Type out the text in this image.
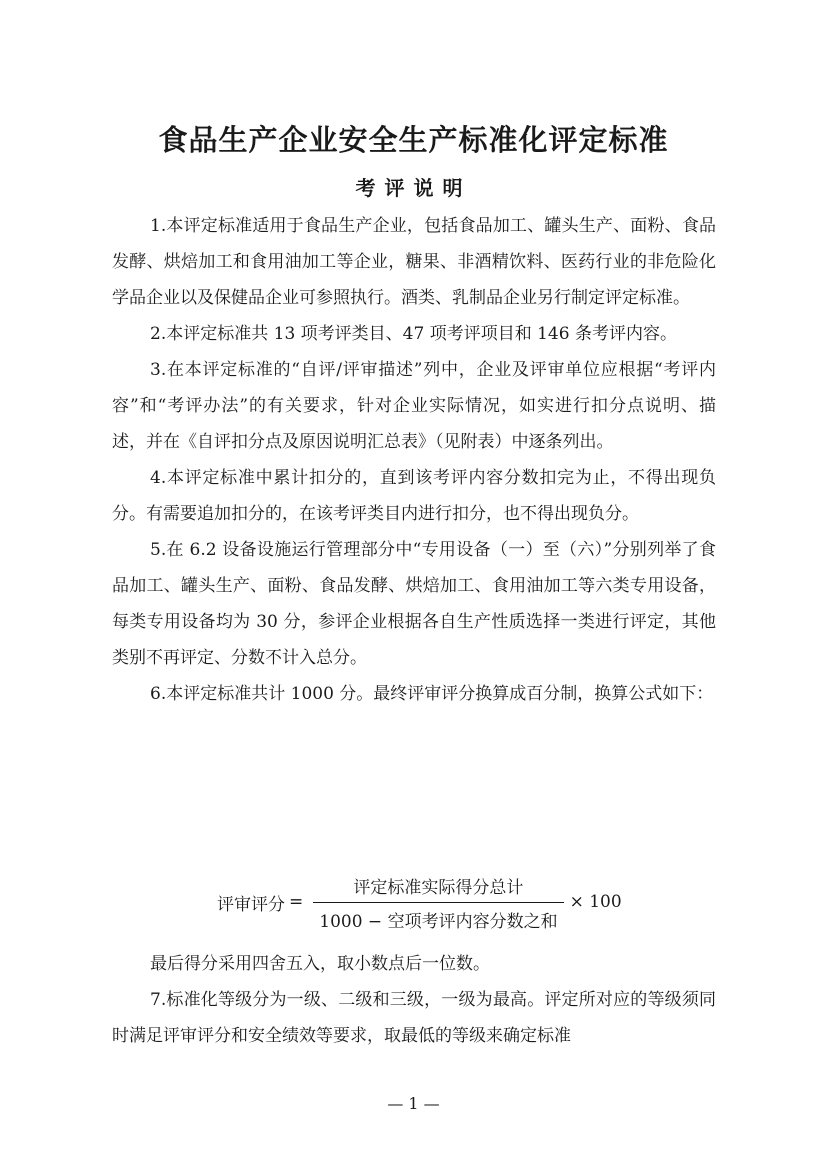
食品生产企业安全生产标准化评定标准
考评说明

1.本评定标准适用于食品生产企业，包括食品加工、罐头生产、面粉、食品发酵、烘焙加工和食用油加工等企业，糖果、非酒精饮料、医药行业的非危险化学品企业以及保健品企业可参照执行。酒类、乳制品企业另行制定评定标准。

2.本评定标准共 13 项考评类目、47 项考评项目和 146 条考评内容。

3.在本评定标准的“自评/评审描述”列中，企业及评审单位应根据“考评内容”和“考评办法”的有关要求，针对企业实际情况，如实进行扣分点说明、描述，并在《自评扣分点及原因说明汇总表》（见附表）中逐条列出。

4.本评定标准中累计扣分的，直到该考评内容分数扣完为止，不得出现负分。有需要追加扣分的，在该考评类目内进行扣分，也不得出现负分。

5.在 6.2 设备设施运行管理部分中“专用设备（一）至（六）”分别列举了食品加工、罐头生产、面粉、食品发酵、烘焙加工、食用油加工等六类专用设备，每类专用设备均为 30 分，参评企业根据各自生产性质选择一类进行评定，其他类别不再评定、分数不计入总分。

6.本评定标准共计 1000 分。最终评审评分换算成百分制，换算公式如下：

评审评分 = $\frac{\text{评定标准实际得分总计}}{\text{1000 − 空项考评内容分数之和}} \times 100$

最后得分采用四舍五入，取小数点后一位数。

7.标准化等级分为一级、二级和三级，一级为最高。评定所对应的等级须同时满足评审评分和安全绩效等要求，取最低的等级来确定标准

— 1 —
